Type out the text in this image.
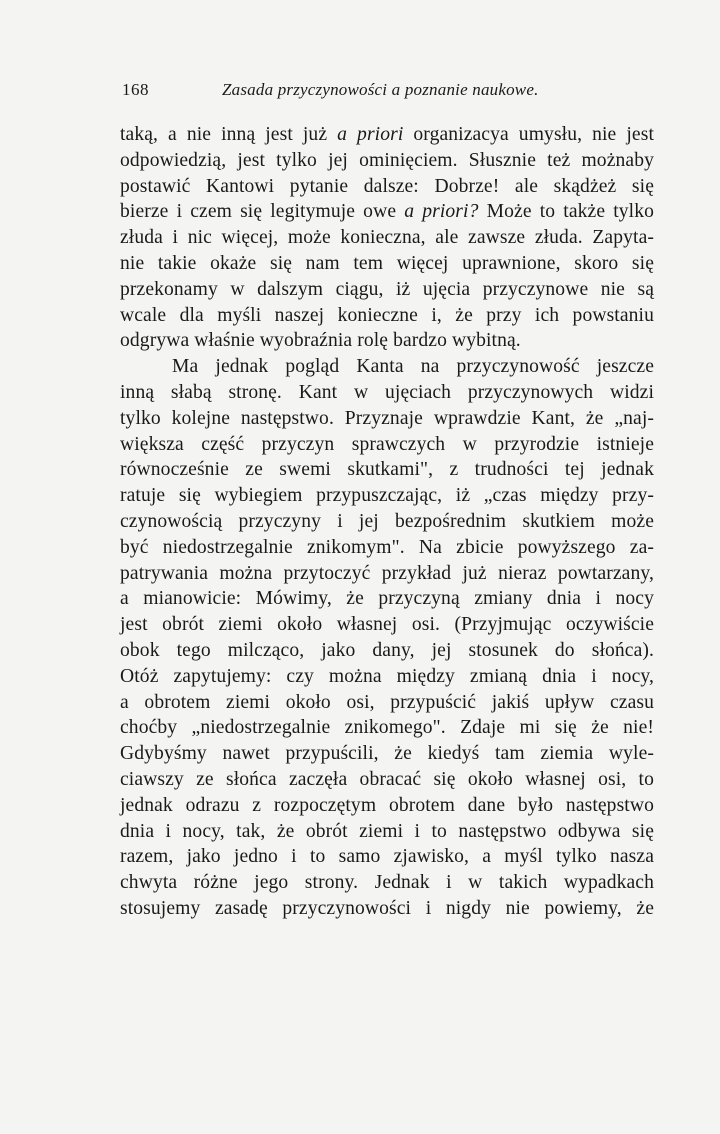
168	Zasada przyczynowości a poznanie naukowe.
taką, a nie inną jest już a priori organizacya umysłu, nie jest
odpowiedzią, jest tylko jej ominięciem. Słusznie też możnaby
postawić Kantowi pytanie dalsze: Dobrze! ale skądżeż się
bierze i czem się legitymuje owe a priori? Może to także tylko
złuda i nic więcej, może konieczna, ale zawsze złuda. Zapyta-
nie takie okaże się nam tem więcej uprawnione, skoro się
przekonamy w dalszym ciągu, iż ujęcia przyczynowe nie są
wcale dla myśli naszej konieczne i, że przy ich powstaniu
odgrywa właśnie wyobraźnia rolę bardzo wybitną.
Ma jednak pogląd Kanta na przyczynowość jeszcze
inną słabą stronę. Kant w ujęciach przyczynowych widzi
tylko kolejne następstwo. Przyznaje wprawdzie Kant, że „naj-
większa część przyczyn sprawczych w przyrodzie istnieje
równocześnie ze swemi skutkami", z trudności tej jednak
ratuje się wybiegiem przypuszczając, iż „czas między przy-
czynowością przyczyny i jej bezpośrednim skutkiem może
być niedostrzegalnie znikomym". Na zbicie powyższego za-
patrywania można przytoczyć przykład już nieraz powtarzany,
a mianowicie: Mówimy, że przyczyną zmiany dnia i nocy
jest obrót ziemi około własnej osi. (Przyjmując oczywiście
obok tego milcząco, jako dany, jej stosunek do słońca).
Otóż zapytujemy: czy można między zmianą dnia i nocy,
a obrotem ziemi około osi, przypuścić jakiś upływ czasu
choćby „niedostrzegalnie znikomego". Zdaje mi się że nie!
Gdybyśmy nawet przypuścili, że kiedyś tam ziemia wyle-
ciawszy ze słońca zaczęła obracać się około własnej osi, to
jednak odrazu z rozpoczętym obrotem dane było następstwo
dnia i nocy, tak, że obrót ziemi i to następstwo odbywa się
razem, jako jedno i to samo zjawisko, a myśl tylko nasza
chwyta różne jego strony. Jednak i w takich wypadkach
stosujemy zasadę przyczynowości i nigdy nie powiemy, że
